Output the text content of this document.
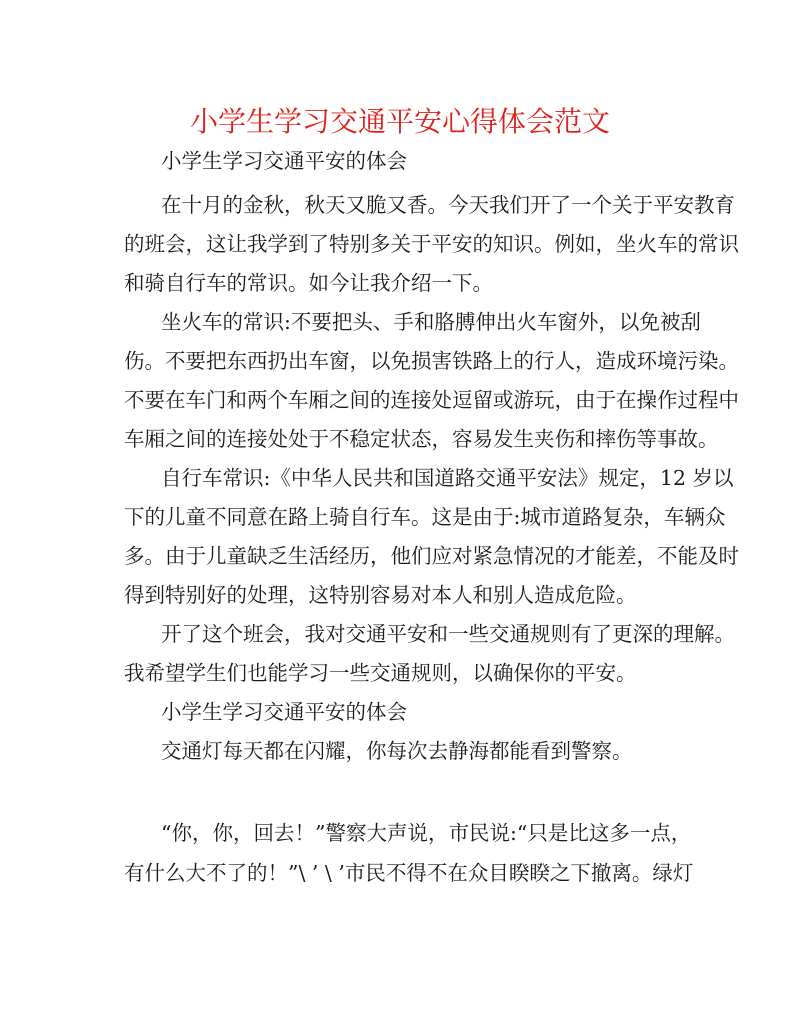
小学生学习交通平安心得体会范文
小学生学习交通平安的体会
在十月的金秋，秋天又脆又香。今天我们开了一个关于平安教育
的班会，这让我学到了特别多关于平安的知识。例如，坐火车的常识
和骑自行车的常识。如今让我介绍一下。
坐火车的常识:不要把头、手和胳膊伸出火车窗外，以免被刮
伤。不要把东西扔出车窗，以免损害铁路上的行人，造成环境污染。
不要在车门和两个车厢之间的连接处逗留或游玩，由于在操作过程中
车厢之间的连接处处于不稳定状态，容易发生夹伤和摔伤等事故。
自行车常识:《中华人民共和国道路交通平安法》规定，12 岁以
下的儿童不同意在路上骑自行车。这是由于:城市道路复杂，车辆众
多。由于儿童缺乏生活经历，他们应对紧急情况的才能差，不能及时
得到特别好的处理，这特别容易对本人和别人造成危险。
开了这个班会，我对交通平安和一些交通规则有了更深的理解。
我希望学生们也能学习一些交通规则，以确保你的平安。
小学生学习交通平安的体会
交通灯每天都在闪耀，你每次去静海都能看到警察。
“你，你，回去！”警察大声说，市民说:“只是比这多一点，
有什么大不了的！”\ ’ \ ’市民不得不在众目睽睽之下撤离。绿灯
